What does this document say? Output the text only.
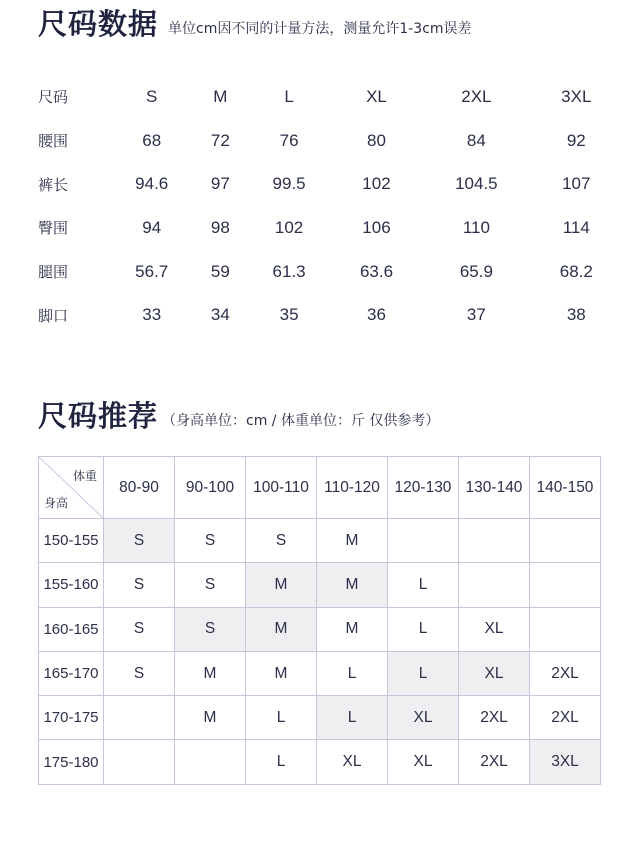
尺码数据 单位cm因不同的计量方法，测量允许1-3cm误差
尺码	S	M	L	XL	2XL	3XL
腰围	68	72	76	80	84	92
裤长	94.6	97	99.5	102	104.5	107
臀围	94	98	102	106	110	114
腿围	56.7	59	61.3	63.6	65.9	68.2
脚口	33	34	35	36	37	38
尺码推荐 （身高单位：cm / 体重单位：斤 仅供参考）
体重
身高	80-90	90-100	100-110	110-120	120-130	130-140	140-150
150-155	S	S	S	M			
155-160	S	S	M	M	L		
160-165	S	S	M	M	L	XL	
165-170	S	M	M	L	L	XL	2XL
170-175		M	L	L	XL	2XL	2XL
175-180			L	XL	XL	2XL	3XL
